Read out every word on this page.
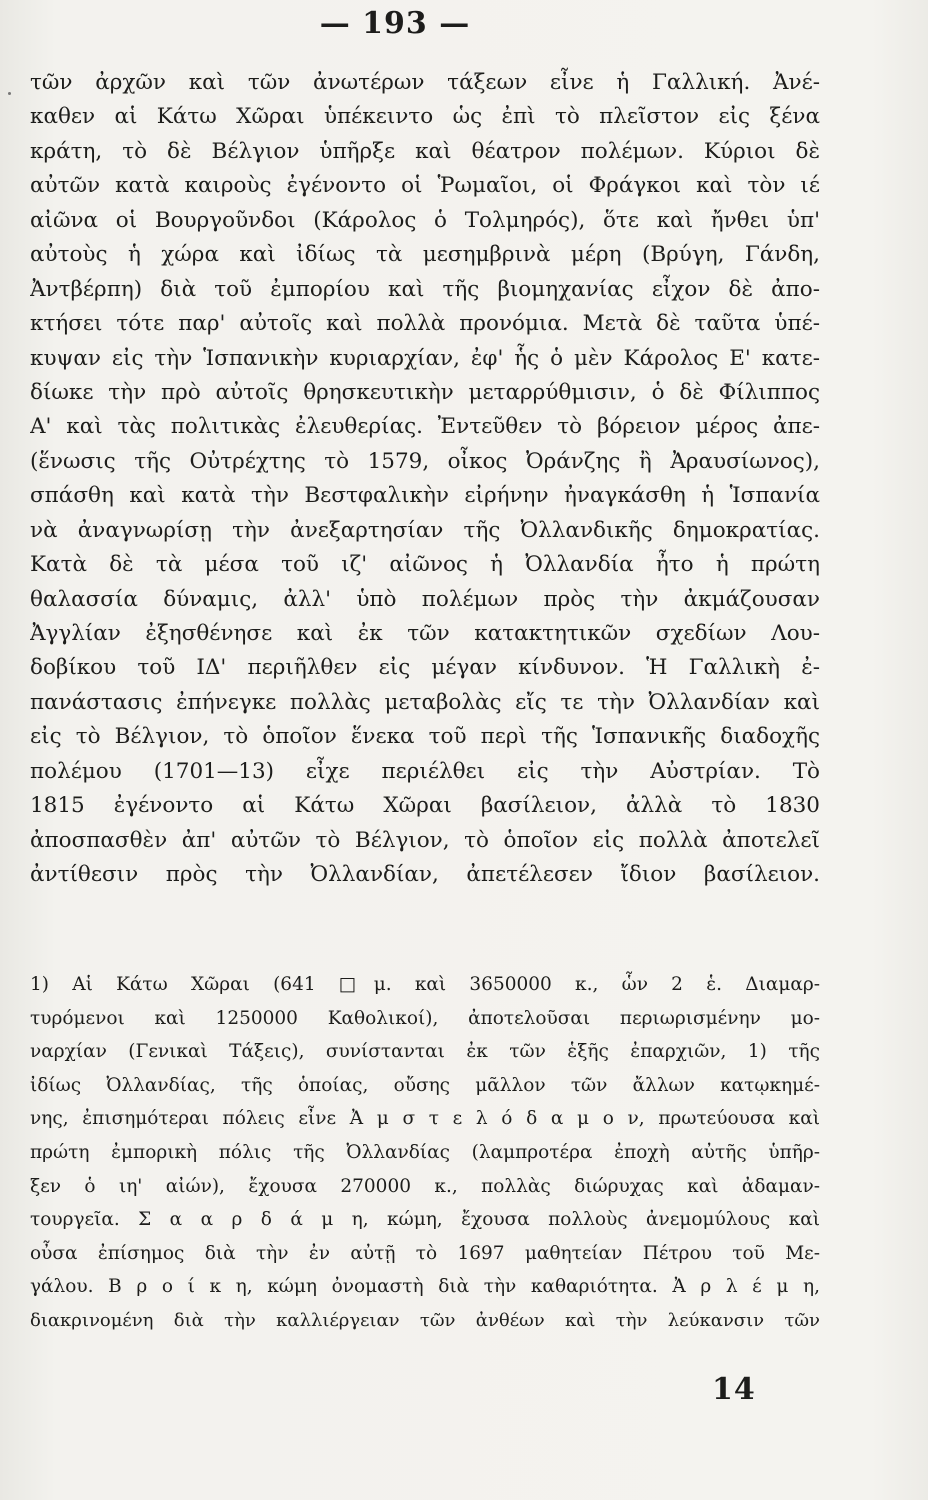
— 193 —
τῶν ἀρχῶν καὶ τῶν ἀνωτέρων τάξεων εἶνε ἡ Γαλλική. Ἀνέ-
καθεν αἱ Κάτω Χῶραι ὑπέκειντο ὡς ἐπὶ τὸ πλεῖστον εἰς ξένα
κράτη, τὸ δὲ Βέλγιον ὑπῆρξε καὶ θέατρον πολέμων. Κύριοι δὲ
αὐτῶν κατὰ καιροὺς ἐγένοντο οἱ Ῥωμαῖοι, οἱ Φράγκοι καὶ τὸν ιέ
αἰῶνα οἱ Βουργοῦνδοι (Κάρολος ὁ Τολμηρός), ὅτε καὶ ἤνθει ὑπ'
αὐτοὺς ἡ χώρα καὶ ἰδίως τὰ μεσημβρινὰ μέρη (Βρύγη, Γάνδη,
Ἀντβέρπη) διὰ τοῦ ἐμπορίου καὶ τῆς βιομηχανίας εἶχον δὲ ἀπο-
κτήσει τότε παρ' αὐτοῖς καὶ πολλὰ προνόμια. Μετὰ δὲ ταῦτα ὑπέ-
κυψαν εἰς τὴν Ἱσπανικὴν κυριαρχίαν, ἐφ' ἧς ὁ μὲν Κάρολος Ε' κατε-
δίωκε τὴν πρὸ αὐτοῖς θρησκευτικὴν μεταρρύθμισιν, ὁ δὲ Φίλιππος
Α' καὶ τὰς πολιτικὰς ἐλευθερίας. Ἐντεῦθεν τὸ βόρειον μέρος ἀπε-
(ἕνωσις τῆς Οὐτρέχτης τὸ 1579, οἶκος Ὀράνζης ἢ Ἀραυσίωνος),
σπάσθη καὶ κατὰ τὴν Βεστφαλικὴν εἰρήνην ἠναγκάσθη ἡ Ἱσπανία
νὰ ἀναγνωρίσῃ τὴν ἀνεξαρτησίαν τῆς Ὀλλανδικῆς δημοκρατίας.
Κατὰ δὲ τὰ μέσα τοῦ ιζ' αἰῶνος ἡ Ὀλλανδία ἦτο ἡ πρώτη
θαλασσία δύναμις, ἀλλ' ὑπὸ πολέμων πρὸς τὴν ἀκμάζουσαν
Ἀγγλίαν ἐξησθένησε καὶ ἐκ τῶν κατακτητικῶν σχεδίων Λου-
δοβίκου τοῦ ΙΔ' περιῆλθεν εἰς μέγαν κίνδυνον. Ἡ Γαλλικὴ ἐ-
πανάστασις ἐπήνεγκε πολλὰς μεταβολὰς εἴς τε τὴν Ὀλλανδίαν καὶ
εἰς τὸ Βέλγιον, τὸ ὁποῖον ἕνεκα τοῦ περὶ τῆς Ἱσπανικῆς διαδοχῆς
πολέμου (1701—13) εἶχε περιέλθει εἰς τὴν Αὐστρίαν. Τὸ
1815 ἐγένοντο αἱ Κάτω Χῶραι βασίλειον, ἀλλὰ τὸ 1830
ἀποσπασθὲν ἀπ' αὐτῶν τὸ Βέλγιον, τὸ ὁποῖον εἰς πολλὰ ἀποτελεῖ
ἀντίθεσιν πρὸς τὴν Ὀλλανδίαν, ἀπετέλεσεν ἴδιον βασίλειον.
1) Αἱ Κάτω Χῶραι (641 □μ. καὶ 3650000 κ., ὧν 2 ἑ. Διαμαρ-
τυρόμενοι καὶ 1250000 Καθολικοί), ἀποτελοῦσαι περιωρισμένην μο-
ναρχίαν (Γενικαὶ Τάξεις), συνίστανται ἐκ τῶν ἑξῆς ἐπαρχιῶν, 1) τῆς
ἰδίως Ὀλλανδίας, τῆς ὁποίας, οὔσης μᾶλλον τῶν ἄλλων κατῳκημέ-
νης, ἐπισημότεραι πόλεις εἶνε Ἀ μ σ τ ε λ ό δ α μ ο ν, πρωτεύουσα καὶ
πρώτη ἐμπορικὴ πόλις τῆς Ὀλλανδίας (λαμπροτέρα ἐποχὴ αὐτῆς ὑπῆρ-
ξεν ὁ ιη' αἰών), ἔχουσα 270000 κ., πολλὰς διώρυχας καὶ ἀδαμαν-
τουργεῖα. Σ α α ρ δ ά μ η, κώμη, ἔχουσα πολλοὺς ἀνεμομύλους καὶ
οὖσα ἐπίσημος διὰ τὴν ἐν αὐτῇ τὸ 1697 μαθητείαν Πέτρου τοῦ Με-
γάλου. Β ρ ο ί κ η, κώμη ὀνομαστὴ διὰ τὴν καθαριότητα. Ἀ ρ λ έ μ η,
διακρινομένη διὰ τὴν καλλιέργειαν τῶν ἀνθέων καὶ τὴν λεύκανσιν τῶν
14
